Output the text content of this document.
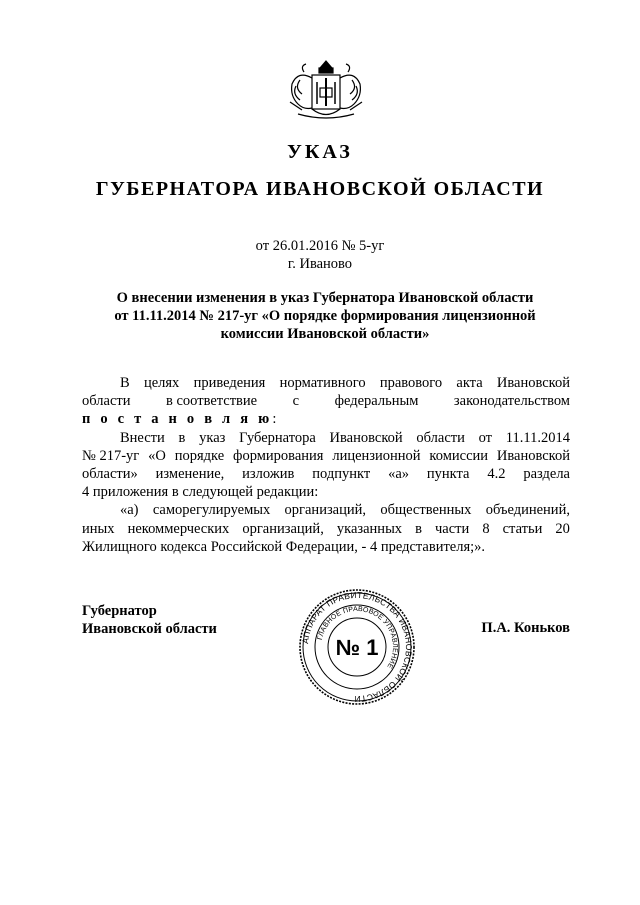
УКАЗ
ГУБЕРНАТОРА ИВАНОВСКОЙ ОБЛАСТИ
от 26.01.2016 № 5-уг
г. Иваново
О внесении изменения в указ Губернатора Ивановской области
от 11.11.2014 № 217-уг «О порядке формирования лицензионной
комиссии Ивановской области»
В целях приведения нормативного правового акта Ивановской
области в соответствие с федеральным законодательством
п о с т а н о в л я ю :
Внести в указ Губернатора Ивановской области от 11.11.2014
№ 217-уг «О порядке формирования лицензионной комиссии Ивановской
области» изменение, изложив подпункт «а» пункта 4.2 раздела
4 приложения в следующей редакции:
«а) саморегулируемых организаций, общественных объединений,
иных некоммерческих организаций, указанных в части 8 статьи 20
Жилищного кодекса Российской Федерации, - 4 представителя;».
Губернатор
Ивановской области	П.А. Коньков
АППАРАТ ПРАВИТЕЛЬСТВА ИВАНОВСКОЙ ОБЛАСТИ
ГЛАВНОЕ ПРАВОВОЕ УПРАВЛЕНИЕ
№ 1
